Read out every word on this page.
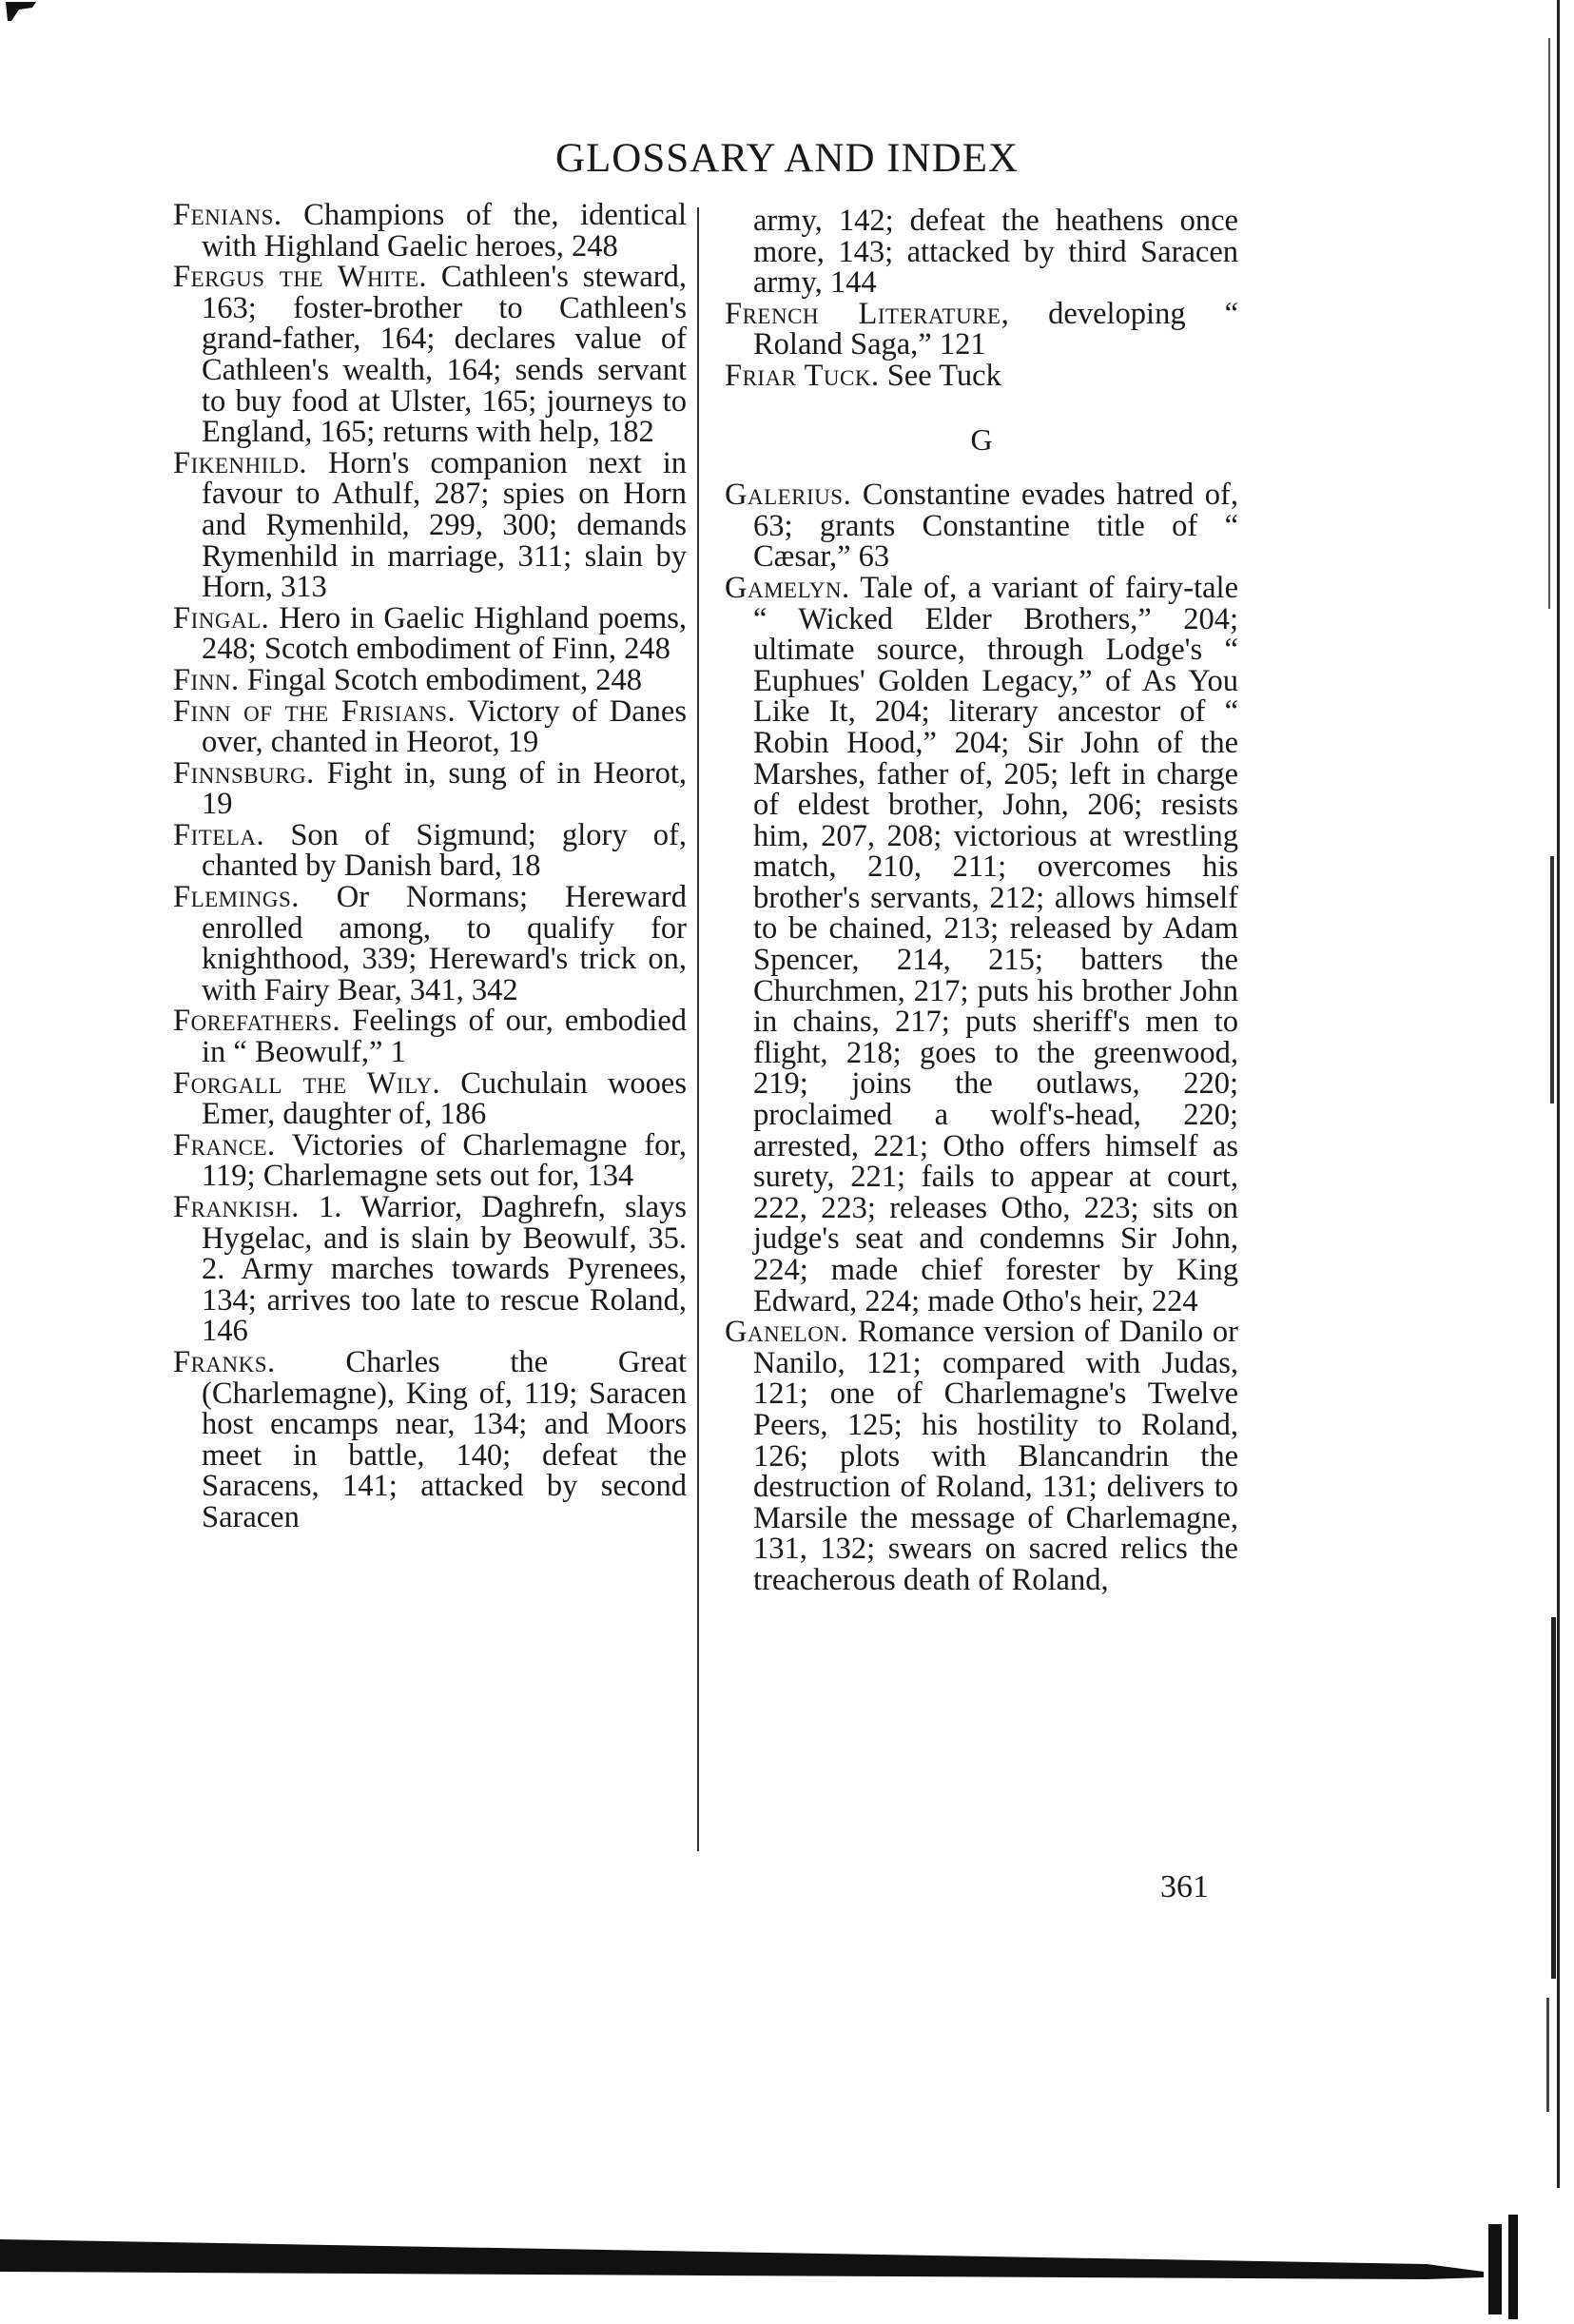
GLOSSARY AND INDEX

Fenians. Champions of the, identical with Highland Gaelic heroes, 248

Fergus the White. Cathleen's steward, 163; foster-brother to Cathleen's grand-father, 164; declares value of Cathleen's wealth, 164; sends servant to buy food at Ulster, 165; journeys to England, 165; returns with help, 182

Fikenhild. Horn's companion next in favour to Athulf, 287; spies on Horn and Rymenhild, 299, 300; demands Rymenhild in marriage, 311; slain by Horn, 313

Fingal. Hero in Gaelic Highland poems, 248; Scotch embodiment of Finn, 248

Finn. Fingal Scotch embodiment, 248

Finn of the Frisians. Victory of Danes over, chanted in Heorot, 19

Finnsburg. Fight in, sung of in Heorot, 19

Fitela. Son of Sigmund; glory of, chanted by Danish bard, 18

Flemings. Or Normans; Hereward enrolled among, to qualify for knighthood, 339; Hereward's trick on, with Fairy Bear, 341, 342

Forefathers. Feelings of our, embodied in “ Beowulf,” 1

Forgall the Wily. Cuchulain wooes Emer, daughter of, 186

France. Victories of Charlemagne for, 119; Charlemagne sets out for, 134

Frankish. 1. Warrior, Daghrefn, slays Hygelac, and is slain by Beowulf, 35. 2. Army marches towards Pyrenees, 134; arrives too late to rescue Roland, 146

Franks. Charles the Great (Charlemagne), King of, 119; Saracen host encamps near, 134; and Moors meet in battle, 140; defeat the Saracens, 141; attacked by second Saracen

army, 142; defeat the heathens once more, 143; attacked by third Saracen army, 144

French Literature, developing “ Roland Saga,” 121

Friar Tuck. See Tuck

G

Galerius. Constantine evades hatred of, 63; grants Constantine title of “ Cæsar,” 63

Gamelyn. Tale of, a variant of fairy-tale “ Wicked Elder Brothers,” 204; ultimate source, through Lodge's “ Euphues' Golden Legacy,” of As You Like It, 204; literary ancestor of “ Robin Hood,” 204; Sir John of the Marshes, father of, 205; left in charge of eldest brother, John, 206; resists him, 207, 208; victorious at wrestling match, 210, 211; overcomes his brother's servants, 212; allows himself to be chained, 213; released by Adam Spencer, 214, 215; batters the Churchmen, 217; puts his brother John in chains, 217; puts sheriff's men to flight, 218; goes to the greenwood, 219; joins the outlaws, 220; proclaimed a wolf's-head, 220; arrested, 221; Otho offers himself as surety, 221; fails to appear at court, 222, 223; releases Otho, 223; sits on judge's seat and condemns Sir John, 224; made chief forester by King Edward, 224; made Otho's heir, 224

Ganelon. Romance version of Danilo or Nanilo, 121; compared with Judas, 121; one of Charlemagne's Twelve Peers, 125; his hostility to Roland, 126; plots with Blancandrin the destruction of Roland, 131; delivers to Marsile the message of Charlemagne, 131, 132; swears on sacred relics the treacherous death of Roland,

361
